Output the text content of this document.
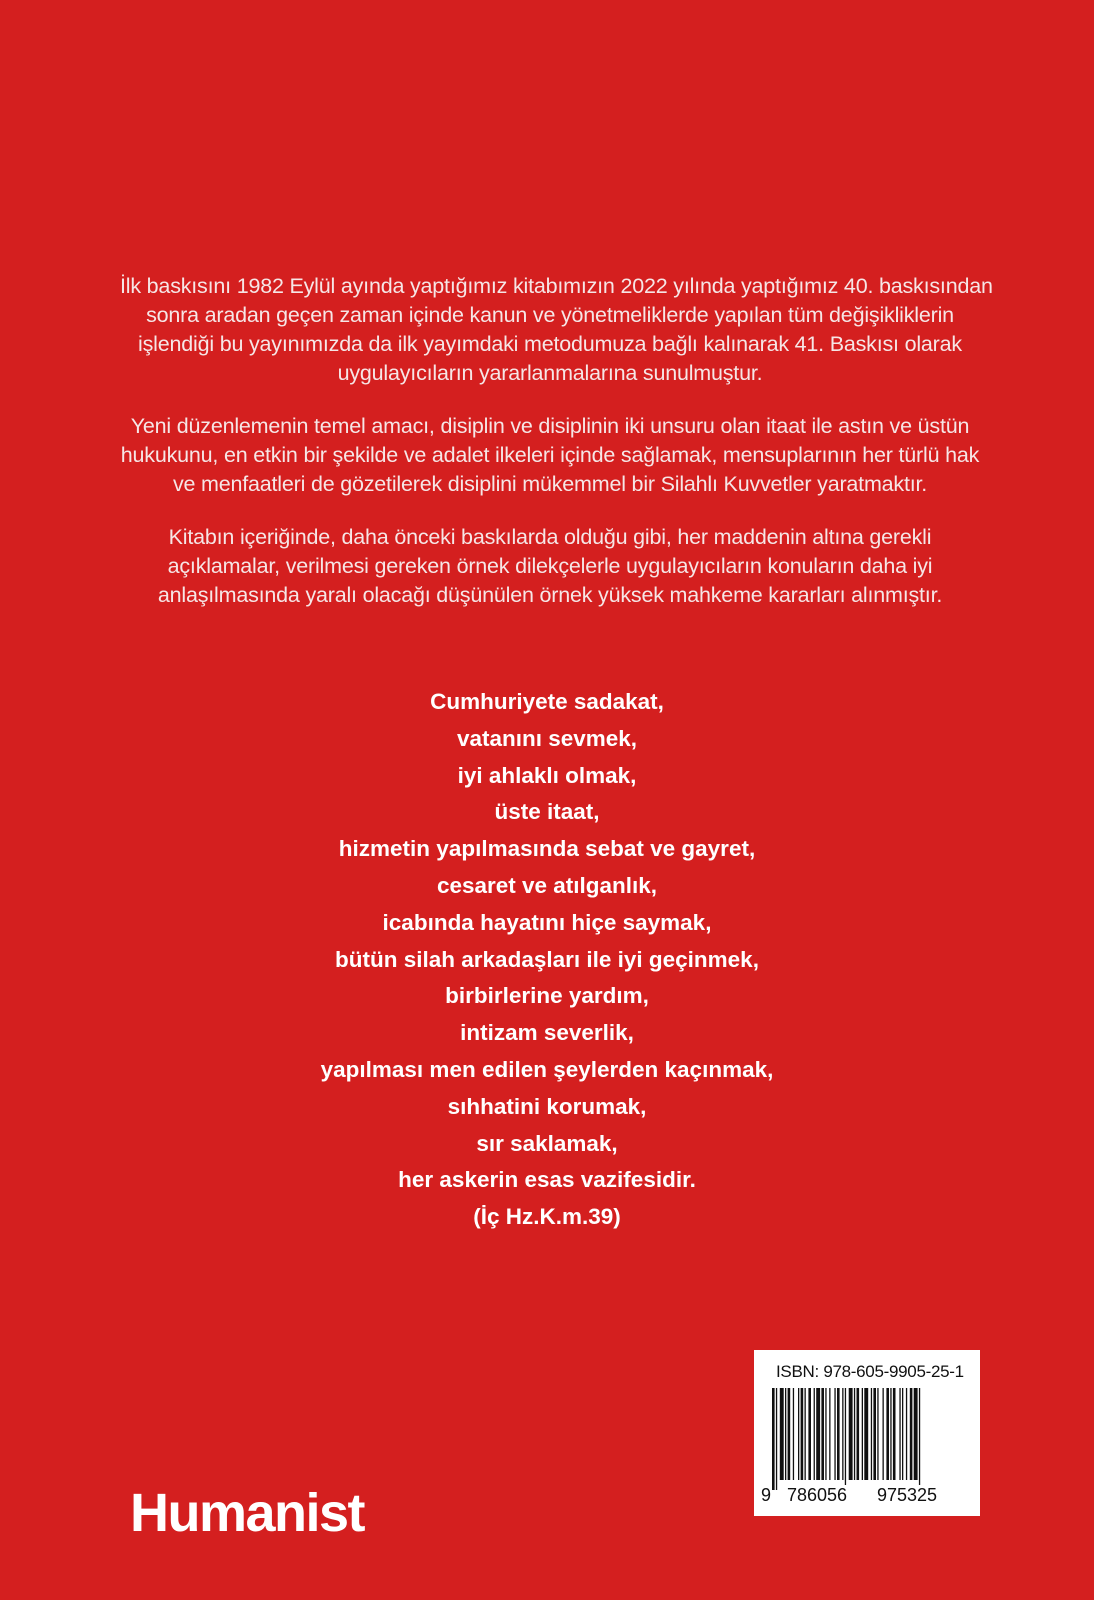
İlk baskısını 1982 Eylül ayında yaptığımız kitabımızın 2022 yılında yaptığımız 40. baskısından
sonra aradan geçen zaman içinde kanun ve yönetmeliklerde yapılan tüm değişikliklerin
işlendiği bu yayınımızda da ilk yayımdaki metodumuza bağlı kalınarak 41. Baskısı olarak
uygulayıcıların yararlanmalarına sunulmuştur.

Yeni düzenlemenin temel amacı, disiplin ve disiplinin iki unsuru olan itaat ile astın ve üstün
hukukunu, en etkin bir şekilde ve adalet ilkeleri içinde sağlamak, mensuplarının her türlü hak
ve menfaatleri de gözetilerek disiplini mükemmel bir Silahlı Kuvvetler yaratmaktır.

Kitabın içeriğinde, daha önceki baskılarda olduğu gibi, her maddenin altına gerekli
açıklamalar, verilmesi gereken örnek dilekçelerle uygulayıcıların konuların daha iyi
anlaşılmasında yaralı olacağı düşünülen örnek yüksek mahkeme kararları alınmıştır.

Cumhuriyete sadakat,
vatanını sevmek,
iyi ahlaklı olmak,
üste itaat,
hizmetin yapılmasında sebat ve gayret,
cesaret ve atılganlık,
icabında hayatını hiçe saymak,
bütün silah arkadaşları ile iyi geçinmek,
birbirlerine yardım,
intizam severlik,
yapılması men edilen şeylerden kaçınmak,
sıhhatini korumak,
sır saklamak,
her askerin esas vazifesidir.
(İç Hz.K.m.39)
ISBN: 978-605-9905-25-1
9 786056 975325
Humanist
